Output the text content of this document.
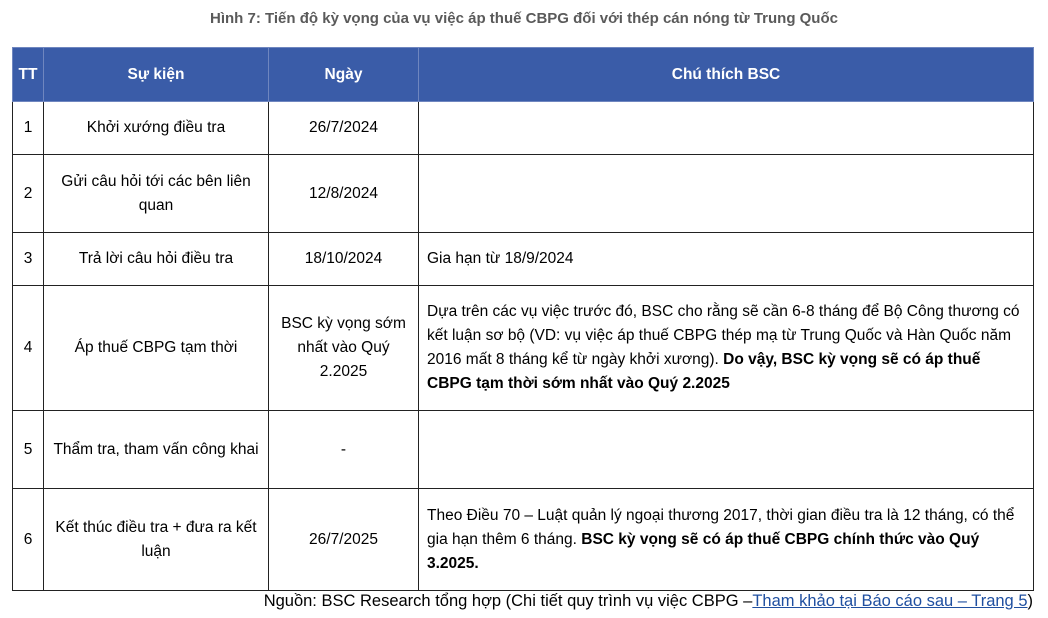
Hình 7: Tiến độ kỳ vọng của vụ việc áp thuế CBPG đối với thép cán nóng từ Trung Quốc
TT	Sự kiện	Ngày	Chú thích BSC
1	Khởi xướng điều tra	26/7/2024	
2	Gửi câu hỏi tới các bên liên quan	12/8/2024	
3	Trả lời câu hỏi điều tra	18/10/2024	Gia hạn từ 18/9/2024
4	Áp thuế CBPG tạm thời	BSC kỳ vọng sớm nhất vào Quý 2.2025	Dựa trên các vụ việc trước đó, BSC cho rằng sẽ cần 6-8 tháng để Bộ Công thương có kết luận sơ bộ (VD: vụ việc áp thuế CBPG thép mạ từ Trung Quốc và Hàn Quốc năm 2016 mất 8 tháng kể từ ngày khởi xương). Do vậy, BSC kỳ vọng sẽ có áp thuế CBPG tạm thời sớm nhất vào Quý 2.2025
5	Thẩm tra, tham vấn công khai	-	
6	Kết thúc điều tra + đưa ra kết luận	26/7/2025	Theo Điều 70 – Luật quản lý ngoại thương 2017, thời gian điều tra là 12 tháng, có thể gia hạn thêm 6 tháng. BSC kỳ vọng sẽ có áp thuế CBPG chính thức vào Quý 3.2025.
Nguồn: BSC Research tổng hợp (Chi tiết quy trình vụ việc CBPG –Tham khảo tại Báo cáo sau – Trang 5)
